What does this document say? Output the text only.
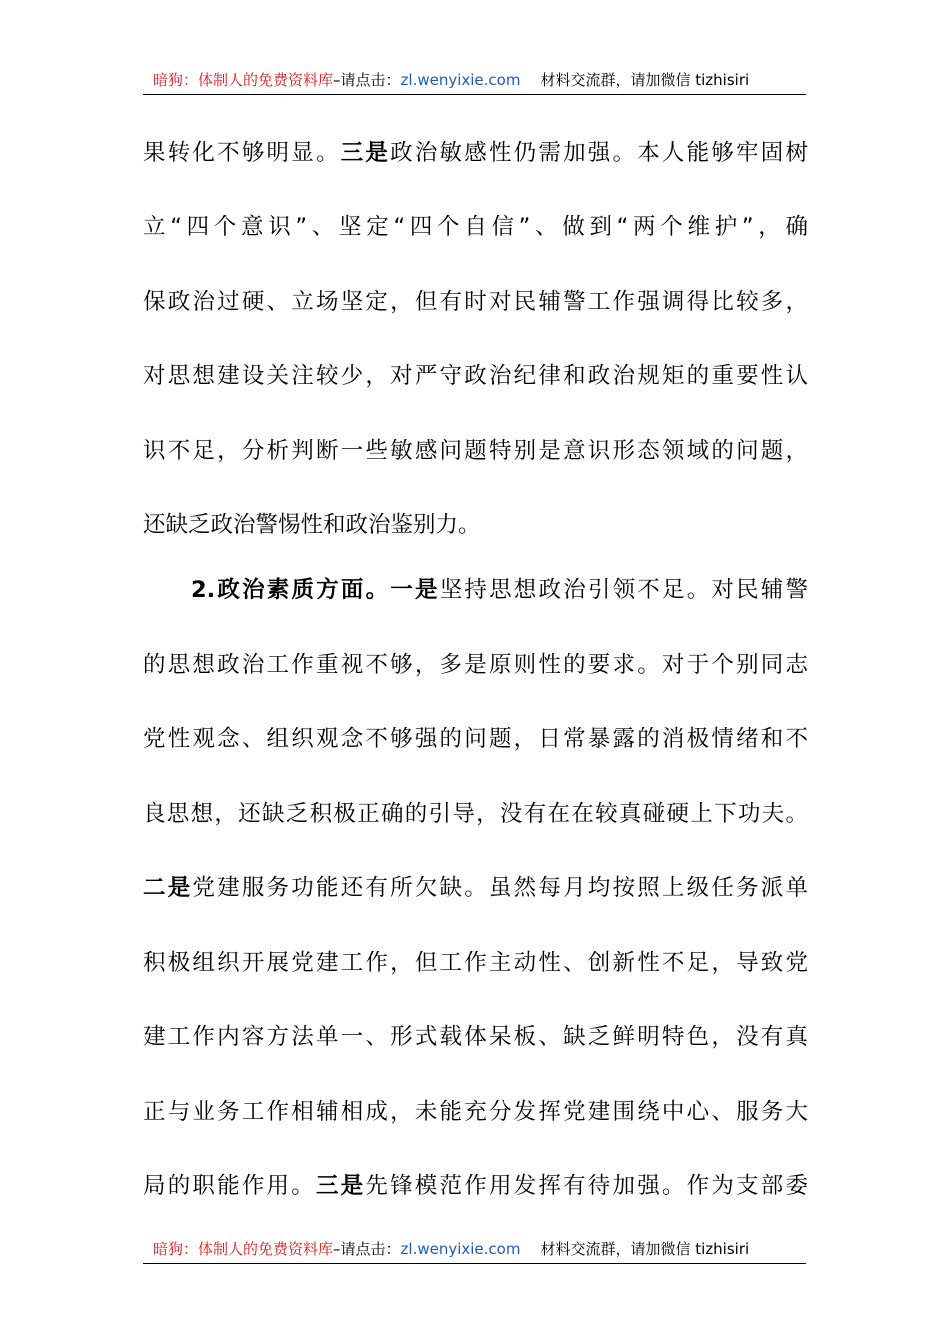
暗狗：体制人的免费资料库–请点击：zl.wenyixie.com 材料交流群，请加微信 tizhisiri
果转化不够明显。三是政治敏感性仍需加强。本人能够牢固树
立“四个意识”、坚定“四个自信”、做到“两个维护”，确
保政治过硬、立场坚定，但有时对民辅警工作强调得比较多，
对思想建设关注较少，对严守政治纪律和政治规矩的重要性认
识不足，分析判断一些敏感问题特别是意识形态领域的问题，
还缺乏政治警惕性和政治鉴别力。
2.政治素质方面。一是坚持思想政治引领不足。对民辅警
的思想政治工作重视不够，多是原则性的要求。对于个别同志
党性观念、组织观念不够强的问题，日常暴露的消极情绪和不
良思想，还缺乏积极正确的引导，没有在在较真碰硬上下功夫。
二是党建服务功能还有所欠缺。虽然每月均按照上级任务派单
积极组织开展党建工作，但工作主动性、创新性不足，导致党
建工作内容方法单一、形式载体呆板、缺乏鲜明特色，没有真
正与业务工作相辅相成，未能充分发挥党建围绕中心、服务大
局的职能作用。三是先锋模范作用发挥有待加强。作为支部委
暗狗：体制人的免费资料库–请点击：zl.wenyixie.com 材料交流群，请加微信 tizhisiri
